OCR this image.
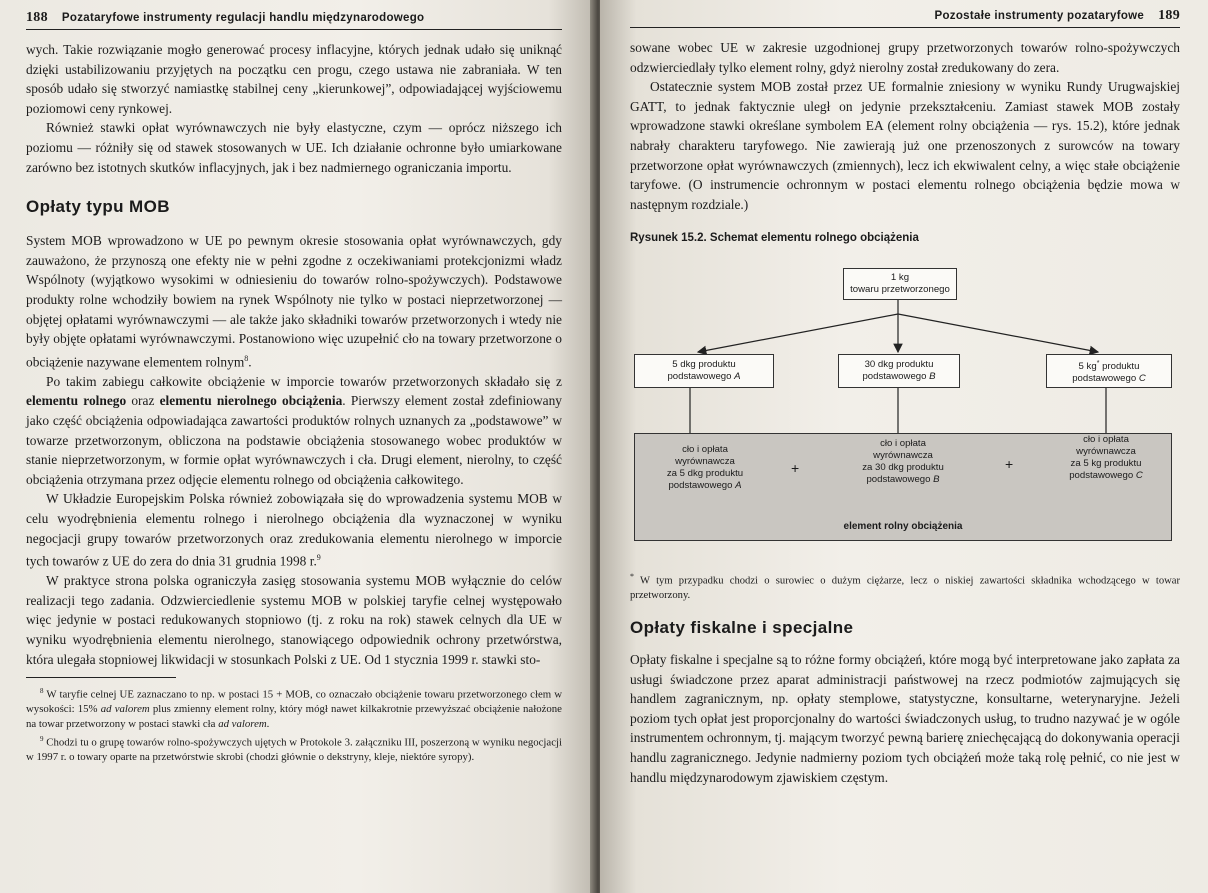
188 Pozataryfowe instrumenty regulacji handlu międzynarodowego

wych. Takie rozwiązanie mogło generować procesy inflacyjne, których jednak udało się uniknąć dzięki ustabilizowaniu przyjętych na początku cen progu, czego ustawa nie zabraniała. W ten sposób udało się stworzyć namiastkę stabilnej ceny „kierunkowej”, odpowiadającej wyjściowemu poziomowi ceny rynkowej.

Również stawki opłat wyrównawczych nie były elastyczne, czym — oprócz niższego ich poziomu — różniły się od stawek stosowanych w UE. Ich działanie ochronne było umiarkowane zarówno bez istotnych skutków inflacyjnych, jak i bez nadmiernego ograniczania importu.

Opłaty typu MOB

System MOB wprowadzono w UE po pewnym okresie stosowania opłat wyrównawczych, gdy zauważono, że przynoszą one efekty nie w pełni zgodne z oczekiwaniami protekcjonizmi władz Wspólnoty (wyjątkowo wysokimi w odniesieniu do towarów rolno-spożywczych). Podstawowe produkty rolne wchodziły bowiem na rynek Wspólnoty nie tylko w postaci nieprzetworzonej — objętej opłatami wyrównawczymi — ale także jako składniki towarów przetworzonych i wtedy nie były objęte opłatami wyrównawczymi. Postanowiono więc uzupełnić cło na towary przetworzone o obciążenie nazywane elementem rolnym$^8$.

Po takim zabiegu całkowite obciążenie w imporcie towarów przetworzonych składało się z elementu rolnego oraz elementu nierolnego obciążenia. Pierwszy element został zdefiniowany jako część obciążenia odpowiadająca zawartości produktów rolnych uznanych za „podstawowe” w towarze przetworzonym, obliczona na podstawie obciążenia stosowanego wobec produktów w stanie nieprzetworzonym, w formie opłat wyrównawczych i cła. Drugi element, nierolny, to część obciążenia otrzymana przez odjęcie elementu rolnego od obciążenia całkowitego.

W Układzie Europejskim Polska również zobowiązała się do wprowadzenia systemu MOB w celu wyodrębnienia elementu rolnego i nierolnego obciążenia dla wyznaczonej w wyniku negocjacji grupy towarów przetworzonych oraz zredukowania elementu nierolnego w imporcie tych towarów z UE do zera do dnia 31 grudnia 1998 r.$^9$

W praktyce strona polska ograniczyła zasięg stosowania systemu MOB wyłącznie do celów realizacji tego zadania. Odzwierciedlenie systemu MOB w polskiej taryfie celnej występowało więc jedynie w postaci redukowanych stopniowo (tj. z roku na rok) stawek celnych dla UE w wyniku wyodrębnienia elementu nierolnego, stanowiącego odpowiednik ochrony przetwórstwa, która ulegała stopniowej likwidacji w stosunkach Polski z UE. Od 1 stycznia 1999 r. stawki sto-

$^8$ W taryfie celnej UE zaznaczano to np. w postaci 15 + MOB, co oznaczało obciążenie towaru przetworzonego cłem w wysokości: 15% ad valorem plus zmienny element rolny, który mógł nawet kilkakrotnie przewyższać obciążenie nałożone na towar przetworzony w postaci stawki cła ad valorem.

$^9$ Chodzi tu o grupę towarów rolno-spożywczych ujętych w Protokole 3. załączniku III, poszerzoną w wyniku negocjacji w 1997 r. o towary oparte na przetwórstwie skrobi (chodzi głównie o dekstryny, kleje, niektóre syropy).

Pozostałe instrumenty pozataryfowe 189

sowane wobec UE w zakresie uzgodnionej grupy przetworzonych towarów rolno-spożywczych odzwierciedlały tylko element rolny, gdyż nierolny został zredukowany do zera.

Ostatecznie system MOB został przez UE formalnie zniesiony w wyniku Rundy Urugwajskiej GATT, to jednak faktycznie uległ on jedynie przekształceniu. Zamiast stawek MOB zostały wprowadzone stawki określane symbolem EA (element rolny obciążenia — rys. 15.2), które jednak nabrały charakteru taryfowego. Nie zawierają już one przenoszonych z surowców na towary przetworzone opłat wyrównawczych (zmiennych), lecz ich ekwiwalent celny, a więc stałe obciążenie taryfowe. (O instrumencie ochronnym w postaci elementu rolnego obciążenia będzie mowa w następnym rozdziale.)

Rysunek 15.2. Schemat elementu rolnego obciążenia
1 kg
towaru przetworzonego
5 dkg produktu
podstawowego A
30 dkg produktu
podstawowego B
5 kg* produktu
podstawowego C
cło i opłata
wyrównawcza
za 5 dkg produktu
podstawowego A
+
cło i opłata
wyrównawcza
za 30 dkg produktu
podstawowego B
+
cło i opłata
wyrównawcza
za 5 kg produktu
podstawowego C
element rolny obciążenia

* W tym przypadku chodzi o surowiec o dużym ciężarze, lecz o niskiej zawartości składnika wchodzącego w towar przetworzony.

Opłaty fiskalne i specjalne

Opłaty fiskalne i specjalne są to różne formy obciążeń, które mogą być interpretowane jako zapłata za usługi świadczone przez aparat administracji państwowej na rzecz podmiotów zajmujących się handlem zagranicznym, np. opłaty stemplowe, statystyczne, konsultarne, weterynaryjne. Jeżeli poziom tych opłat jest proporcjonalny do wartości świadczonych usług, to trudno nazywać je w ogóle instrumentem ochronnym, tj. mającym tworzyć pewną barierę zniechęcającą do dokonywania operacji handlu zagranicznego. Jedynie nadmierny poziom tych obciążeń może taką rolę pełnić, co nie jest w handlu międzynarodowym zjawiskiem częstym.
